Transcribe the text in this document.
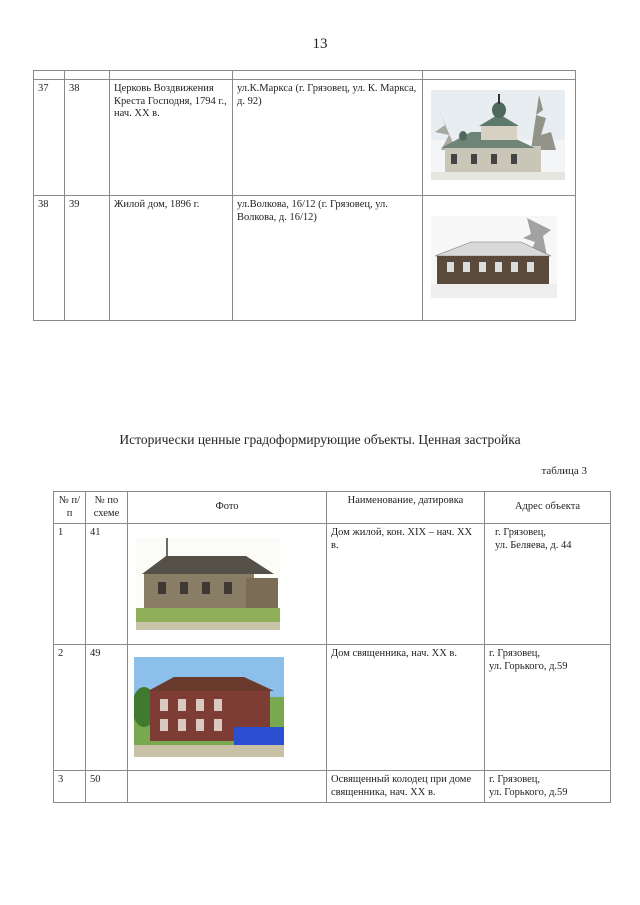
13

37	38	Церковь Воздвижения Креста Господня, 1794 г., нач. XX в.	ул.К.Маркса (г. Грязовец, ул. К. Маркса, д. 92)	

38	39	Жилой дом, 1896 г.	ул.Волкова, 16/12 (г. Грязовец, ул. Волкова, д. 16/12)	
Исторически ценные градоформирующие объекты. Ценная застройка
таблица 3
№ п/п	№ по схеме	Фото	Наименование, датировка	Адрес объекта
1	41		Дом жилой, кон. XIX – нач. XX в.	г. Грязовец,
ул. Беляева, д. 44

2	49		Дом священника, нач. XX в.	г. Грязовец,
ул. Горького, д.59

3	50		Освященный колодец при доме священника, нач. XX в.	г. Грязовец,
ул. Горького, д.59
